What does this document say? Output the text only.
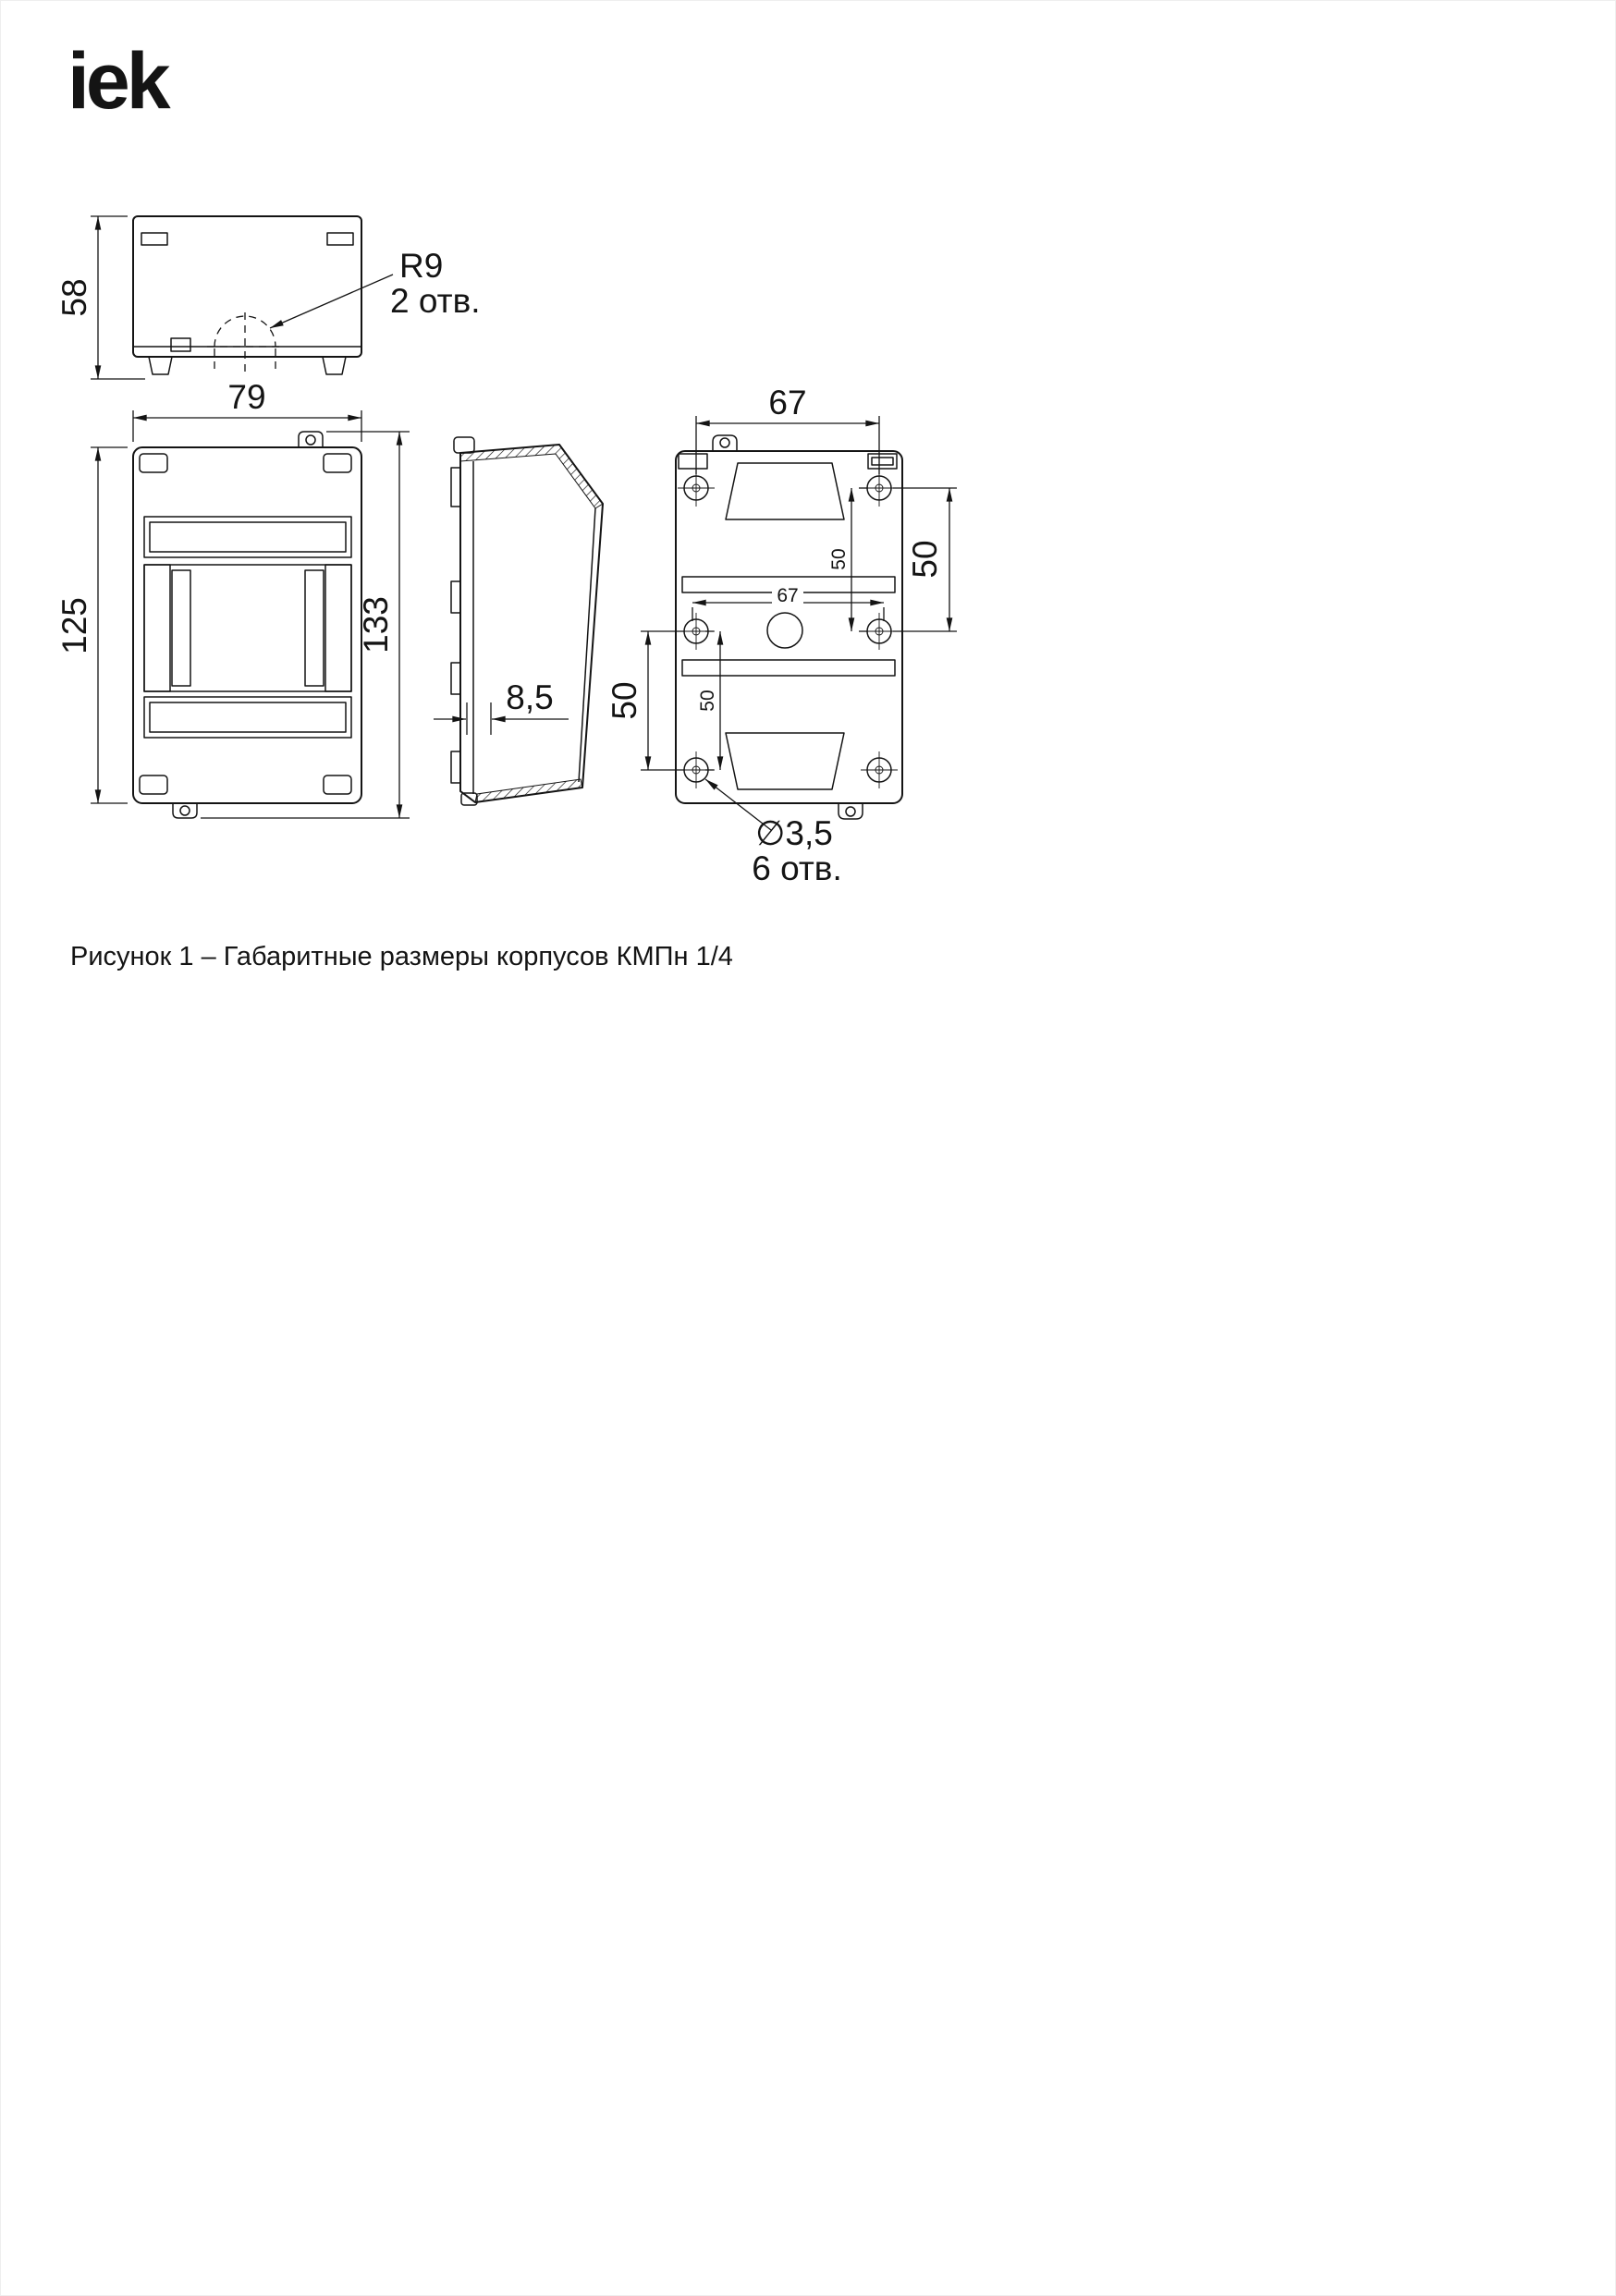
iek
58
R9
2 отв.
79
125	133
8,5
67
50
50
67
50
50
∅3,5
6 отв.
Рисунок 1 – Габаритные размеры корпусов КМПн 1/4
